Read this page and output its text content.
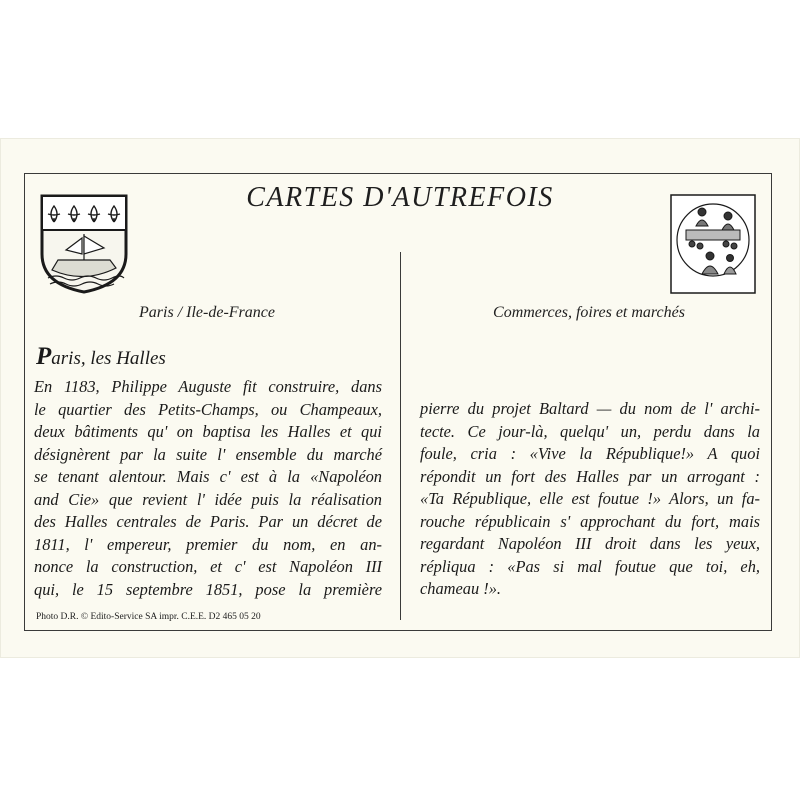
CARTES D'AUTREFOIS
Paris / Ile-de-France	Commerces, foires et marchés
Paris, les Halles
En 1183, Philippe Auguste fit construire, dans
le quartier des Petits-Champs, ou Champeaux,
deux bâtiments qu' on baptisa les Halles et qui
désignèrent par la suite l' ensemble du marché
se tenant alentour. Mais c' est à la «Napoléon
and Cie» que revient l' idée puis la réalisation
des Halles centrales de Paris. Par un décret de
1811, l' empereur, premier du nom, en an-
nonce la construction, et c' est Napoléon III
qui, le 15 septembre 1851, pose la première
pierre du projet Baltard — du nom de l' archi-
tecte. Ce jour-là, quelqu' un, perdu dans la
foule, cria : «Vive la République!» A quoi
répondit un fort des Halles par un arrogant :
«Ta République, elle est foutue !» Alors, un fa-
rouche républicain s' approchant du fort, mais
regardant Napoléon III droit dans les yeux,
répliqua : «Pas si mal foutue que toi, eh,
chameau !».
Photo D.R. © Edito-Service SA impr. C.E.E. D2 465 05 20
